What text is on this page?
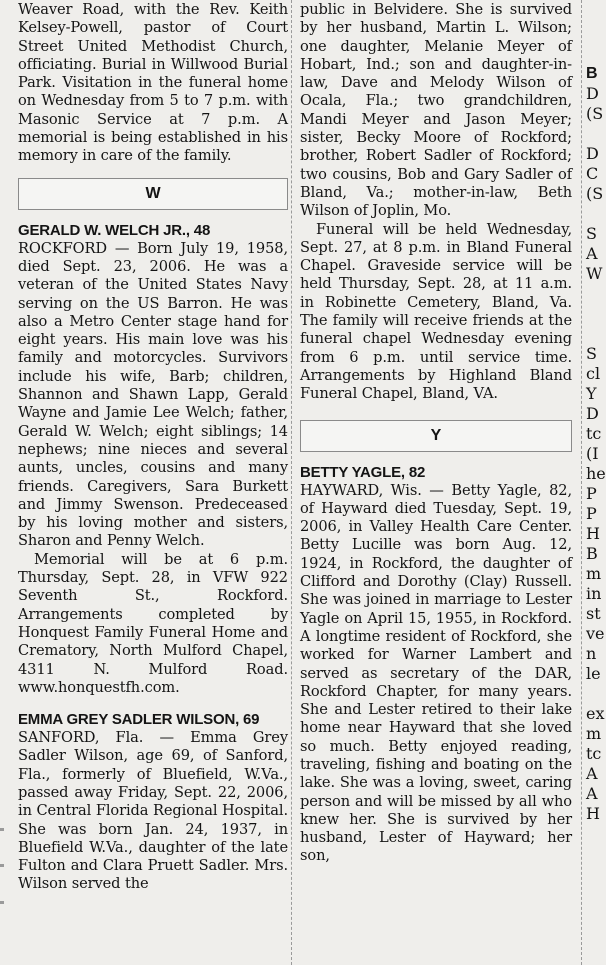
Weaver Road, with the Rev. Keith Kelsey-Powell, pastor of Court Street United Methodist Church, officiating. Burial in Willwood Burial Park. Visitation in the funeral home on Wednesday from 5 to 7 p.m. with Masonic Service at 7 p.m. A memorial is being established in his memory in care of the family.

W
GERALD W. WELCH JR., 48

ROCKFORD — Born July 19, 1958, died Sept. 23, 2006. He was a veteran of the United States Navy serving on the US Barron. He was also a Metro Center stage hand for eight years. His main love was his family and motorcycles. Survivors include his wife, Barb; children, Shannon and Shawn Lapp, Gerald Wayne and Jamie Lee Welch; father, Gerald W. Welch; eight siblings; 14 nephews; nine nieces and several aunts, uncles, cousins and many friends. Caregivers, Sara Burkett and Jimmy Swenson. Predeceased by his loving mother and sisters, Sharon and Penny Welch.

Memorial will be at 6 p.m. Thursday, Sept. 28, in VFW 922 Seventh St., Rockford. Arrangements completed by Honquest Family Funeral Home and Crematory, North Mulford Chapel, 4311 N. Mulford Road. www.honquestfh.com.

EMMA GREY SADLER WILSON, 69

SANFORD, Fla. — Emma Grey Sadler Wilson, age 69, of Sanford, Fla., formerly of Bluefield, W.Va., passed away Friday, Sept. 22, 2006, in Central Florida Regional Hospital. She was born Jan. 24, 1937, in Bluefield W.Va., daughter of the late Fulton and Clara Pruett Sadler. Mrs. Wilson served the

public in Belvidere. She is survived by her husband, Martin L. Wilson; one daughter, Melanie Meyer of Hobart, Ind.; son and daughter-in-law, Dave and Melody Wilson of Ocala, Fla.; two grandchildren, Mandi Meyer and Jason Meyer; sister, Becky Moore of Rockford; brother, Robert Sadler of Rockford; two cousins, Bob and Gary Sadler of Bland, Va.; mother-in-law, Beth Wilson of Joplin, Mo.

Funeral will be held Wednesday, Sept. 27, at 8 p.m. in Bland Funeral Chapel. Graveside service will be held Thursday, Sept. 28, at 11 a.m. in Robinette Cemetery, Bland, Va. The family will receive friends at the funeral chapel Wednesday evening from 6 p.m. until service time. Arrangements by Highland Bland Funeral Chapel, Bland, VA.

Y
BETTY YAGLE, 82

HAYWARD, Wis. — Betty Yagle, 82, of Hayward died Tuesday, Sept. 19, 2006, in Valley Health Care Center. Betty Lucille was born Aug. 12, 1924, in Rockford, the daughter of Clifford and Dorothy (Clay) Russell. She was joined in marriage to Lester Yagle on April 15, 1955, in Rockford. A longtime resident of Rockford, she worked for Warner Lambert and served as secretary of the DAR, Rockford Chapter, for many years. She and Lester retired to their lake home near Hayward that she loved so much. Betty enjoyed reading, traveling, fishing and boating on the lake. She was a loving, sweet, caring person and will be missed by all who knew her. She is survived by her husband, Lester of Hayward; her son,

B
D
(S

D
C
(S

S
A
W

S
cl
Y
D
tc
(I
he
P
P
H
B
m
in
st
ve
n
le

ex
m
tc
A
A
H
